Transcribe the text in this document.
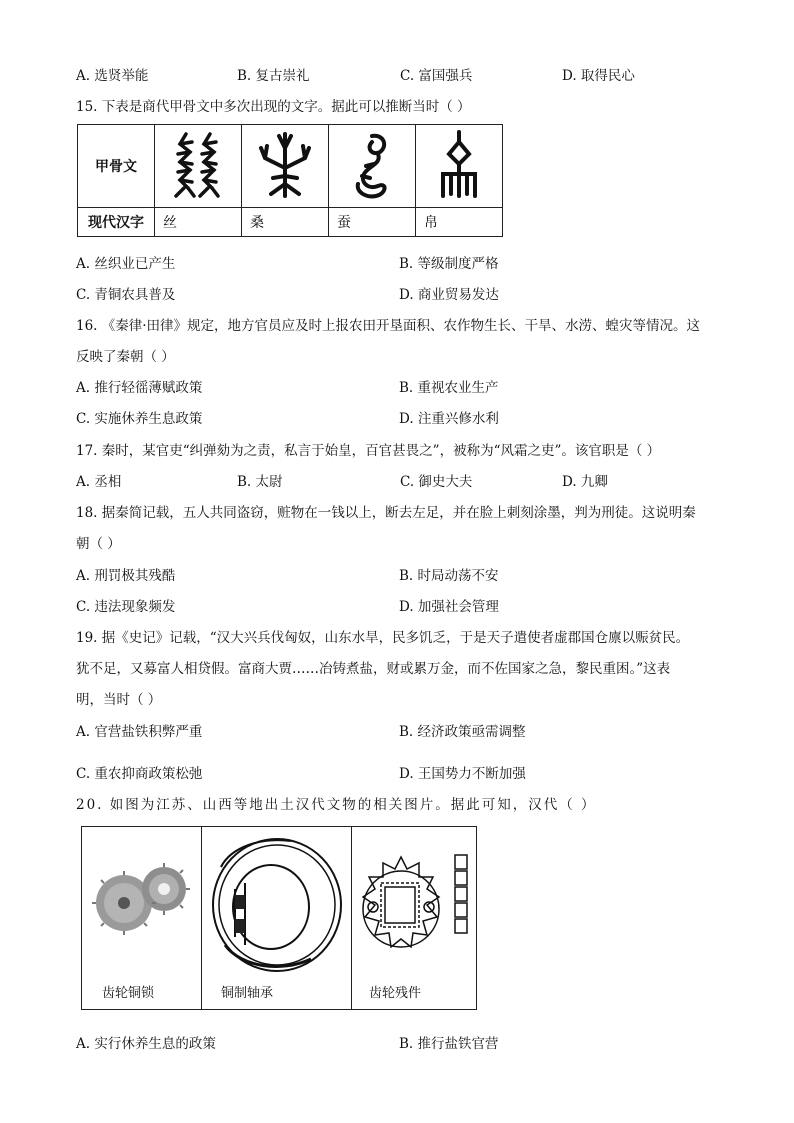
A. 选贤举能	B. 复古崇礼	C. 富国强兵	D. 取得民心
15. 下表是商代甲骨文中多次出现的文字。据此可以推断当时（ ）
甲骨文				
现代汉字	丝	桑	蚕	帛
A. 丝织业已产生	B. 等级制度严格
C. 青铜农具普及	D. 商业贸易发达
16. 《秦律·田律》规定，地方官员应及时上报农田开垦面积、农作物生长、干旱、水涝、蝗灾等情况。这
反映了秦朝（ ）
A. 推行轻徭薄赋政策	B. 重视农业生产
C. 实施休养生息政策	D. 注重兴修水利
17. 秦时，某官吏“纠弹劾为之责，私言于始皇，百官甚畏之”，被称为“风霜之吏”。该官职是（ ）
A. 丞相	B. 太尉	C. 御史大夫	D. 九卿
18. 据秦简记载，五人共同盗窃，赃物在一钱以上，断去左足，并在脸上刺刻涂墨，判为刑徒。这说明秦
朝（ ）
A. 刑罚极其残酷	B. 时局动荡不安
C. 违法现象频发	D. 加强社会管理
19. 据《史记》记载，“汉大兴兵伐匈奴，山东水旱，民多饥乏，于是天子遣使者虚郡国仓廪以赈贫民。
犹不足，又募富人相贷假。富商大贾……冶铸煮盐，财或累万金，而不佐国家之急，黎民重困。”这表
明，当时（ ）
A. 官营盐铁积弊严重	B. 经济政策亟需调整
C. 重农抑商政策松弛	D. 王国势力不断加强
20. 如图为江苏、山西等地出土汉代文物的相关图片。据此可知，汉代（ ）
齿轮铜锁	铜制轴承	齿轮残件
A. 实行休养生息的政策	B. 推行盐铁官营
